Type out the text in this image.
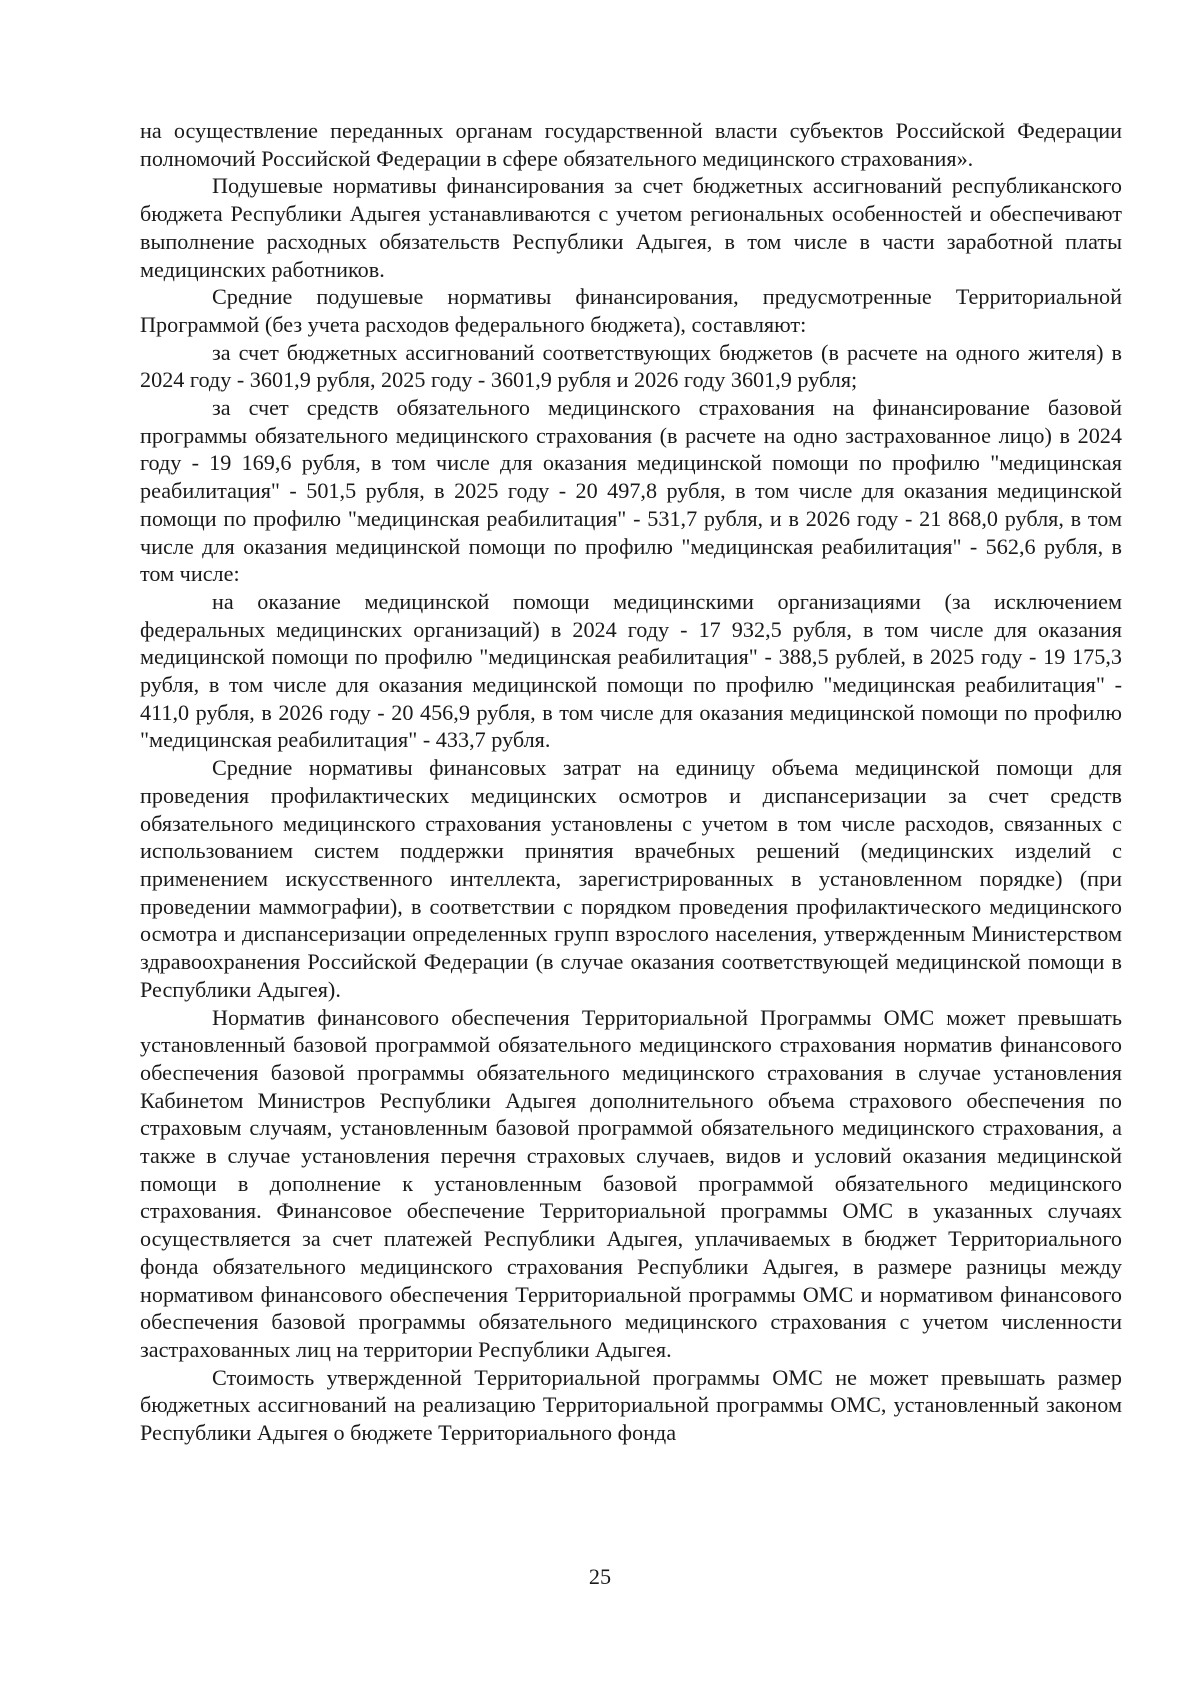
на осуществление переданных органам государственной власти субъектов Российской Федерации полномочий Российской Федерации в сфере обязательного медицинского страхования».

Подушевые нормативы финансирования за счет бюджетных ассигнований республиканского бюджета Республики Адыгея устанавливаются с учетом региональных особенностей и обеспечивают выполнение расходных обязательств Республики Адыгея, в том числе в части заработной платы медицинских работников.

Средние подушевые нормативы финансирования, предусмотренные Территориальной Программой (без учета расходов федерального бюджета), составляют:

за счет бюджетных ассигнований соответствующих бюджетов (в расчете на одного жителя) в 2024 году - 3601,9 рубля, 2025 году - 3601,9 рубля и 2026 году 3601,9 рубля;

за счет средств обязательного медицинского страхования на финансирование базовой программы обязательного медицинского страхования (в расчете на одно застрахованное лицо) в 2024 году - 19 169,6 рубля, в том числе для оказания медицинской помощи по профилю "медицинская реабилитация" - 501,5 рубля, в 2025 году - 20 497,8 рубля, в том числе для оказания медицинской помощи по профилю "медицинская реабилитация" - 531,7 рубля, и в 2026 году - 21 868,0 рубля, в том числе для оказания медицинской помощи по профилю "медицинская реабилитация" - 562,6 рубля, в том числе:

на оказание медицинской помощи медицинскими организациями (за исключением федеральных медицинских организаций) в 2024 году - 17 932,5 рубля, в том числе для оказания медицинской помощи по профилю "медицинская реабилитация" - 388,5 рублей, в 2025 году - 19 175,3 рубля, в том числе для оказания медицинской помощи по профилю "медицинская реабилитация" - 411,0 рубля, в 2026 году - 20 456,9 рубля, в том числе для оказания медицинской помощи по профилю "медицинская реабилитация" - 433,7 рубля.

Средние нормативы финансовых затрат на единицу объема медицинской помощи для проведения профилактических медицинских осмотров и диспансеризации за счет средств обязательного медицинского страхования установлены с учетом в том числе расходов, связанных с использованием систем поддержки принятия врачебных решений (медицинских изделий с применением искусственного интеллекта, зарегистрированных в установленном порядке) (при проведении маммографии), в соответствии с порядком проведения профилактического медицинского осмотра и диспансеризации определенных групп взрослого населения, утвержденным Министерством здравоохранения Российской Федерации (в случае оказания соответствующей медицинской помощи в Республики Адыгея).

Норматив финансового обеспечения Территориальной Программы ОМС может превышать установленный базовой программой обязательного медицинского страхования норматив финансового обеспечения базовой программы обязательного медицинского страхования в случае установления Кабинетом Министров Республики Адыгея дополнительного объема страхового обеспечения по страховым случаям, установленным базовой программой обязательного медицинского страхования, а также в случае установления перечня страховых случаев, видов и условий оказания медицинской помощи в дополнение к установленным базовой программой обязательного медицинского страхования. Финансовое обеспечение Территориальной программы ОМС в указанных случаях осуществляется за счет платежей Республики Адыгея, уплачиваемых в бюджет Территориального фонда обязательного медицинского страхования Республики Адыгея, в размере разницы между нормативом финансового обеспечения Территориальной программы ОМС и нормативом финансового обеспечения базовой программы обязательного медицинского страхования с учетом численности застрахованных лиц на территории Республики Адыгея.

Стоимость утвержденной Территориальной программы ОМС не может превышать размер бюджетных ассигнований на реализацию Территориальной программы ОМС, установленный законом Республики Адыгея о бюджете Территориального фонда

25
